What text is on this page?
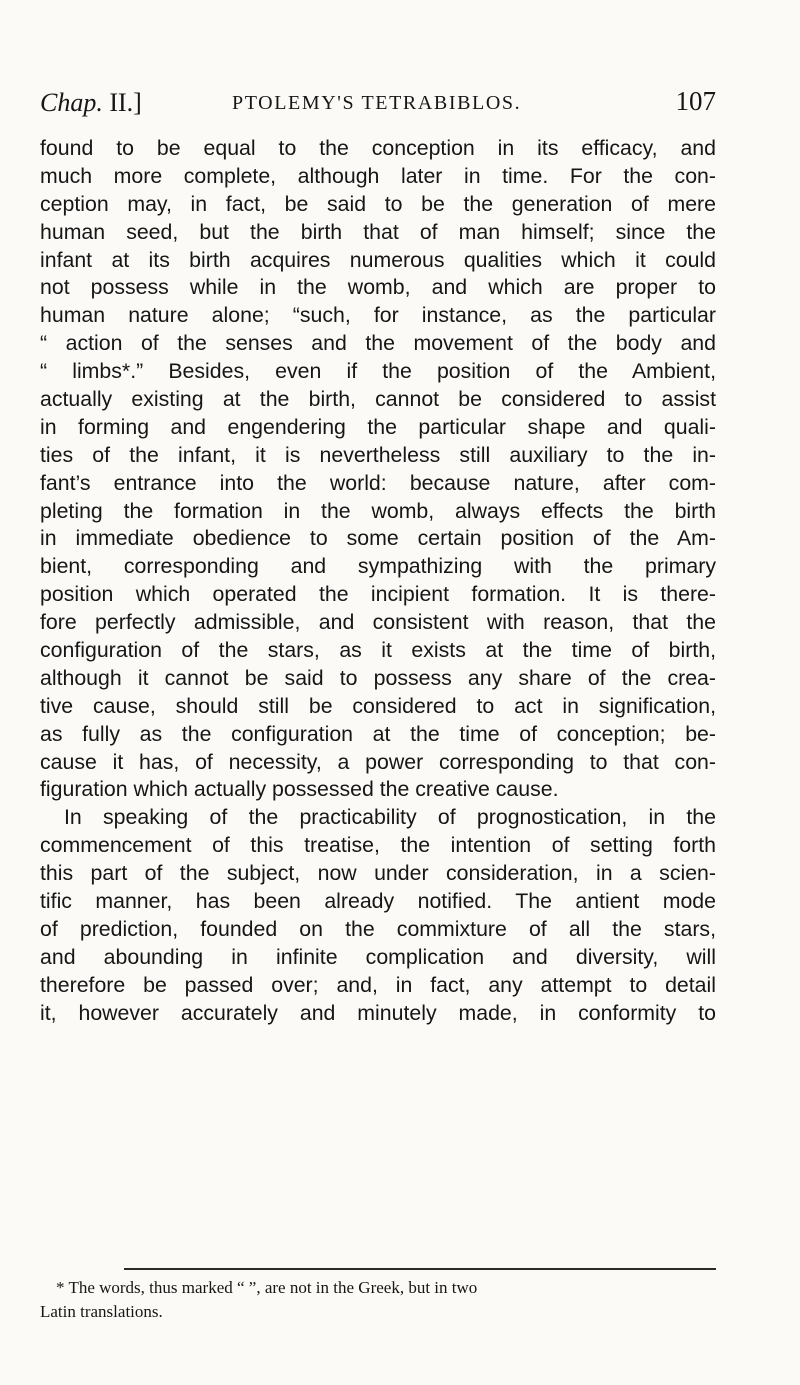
Chap. II.]	PTOLEMY'S TETRABIBLOS.	107
found to be equal to the conception in its efficacy, and
much more complete, although later in time. For the con-
ception may, in fact, be said to be the generation of mere
human seed, but the birth that of man himself; since the
infant at its birth acquires numerous qualities which it could
not possess while in the womb, and which are proper to
human nature alone; “such, for instance, as the particular
“ action of the senses and the movement of the body and
“ limbs*.” Besides, even if the position of the Ambient,
actually existing at the birth, cannot be considered to assist
in forming and engendering the particular shape and quali-
ties of the infant, it is nevertheless still auxiliary to the in-
fant’s entrance into the world: because nature, after com-
pleting the formation in the womb, always effects the birth
in immediate obedience to some certain position of the Am-
bient, corresponding and sympathizing with the primary
position which operated the incipient formation. It is there-
fore perfectly admissible, and consistent with reason, that the
configuration of the stars, as it exists at the time of birth,
although it cannot be said to possess any share of the crea-
tive cause, should still be considered to act in signification,
as fully as the configuration at the time of conception; be-
cause it has, of necessity, a power corresponding to that con-
figuration which actually possessed the creative cause.
In speaking of the practicability of prognostication, in the
commencement of this treatise, the intention of setting forth
this part of the subject, now under consideration, in a scien-
tific manner, has been already notified. The antient mode
of prediction, founded on the commixture of all the stars,
and abounding in infinite complication and diversity, will
therefore be passed over; and, in fact, any attempt to detail
it, however accurately and minutely made, in conformity to
* The words, thus marked “ ”, are not in the Greek, but in two
Latin translations.
